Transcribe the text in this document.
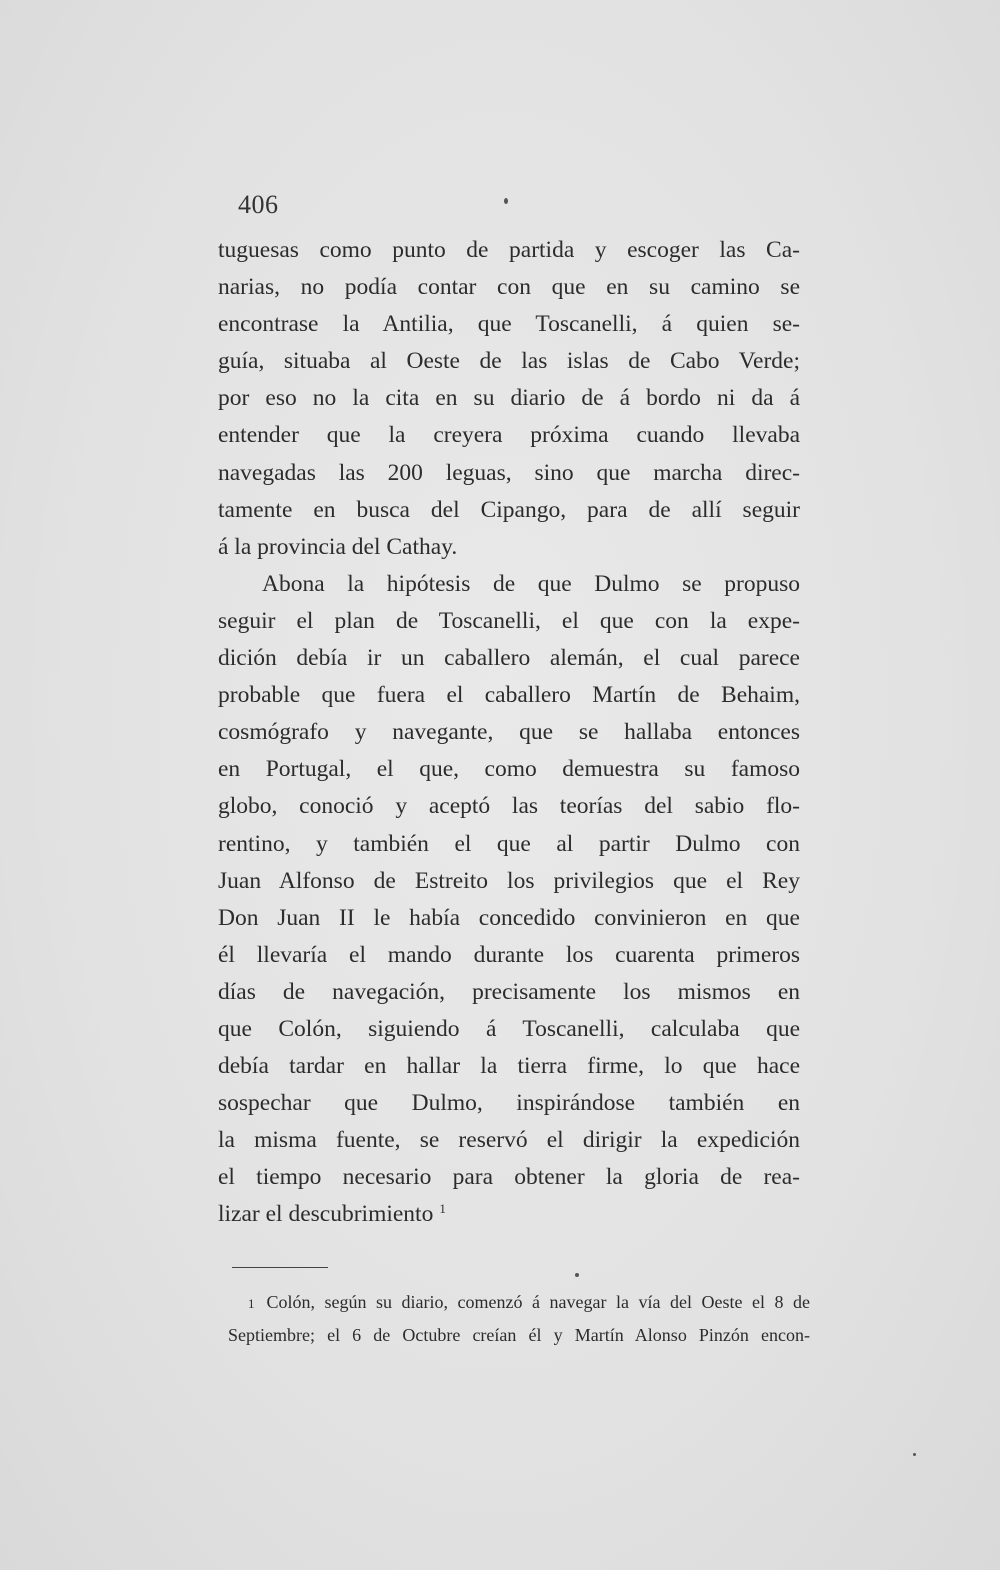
406
tuguesas como punto de partida y escoger las Ca-
narias, no podía contar con que en su camino se
encontrase la Antilia, que Toscanelli, á quien se-
guía, situaba al Oeste de las islas de Cabo Verde;
por eso no la cita en su diario de á bordo ni da á
entender que la creyera próxima cuando llevaba
navegadas las 200 leguas, sino que marcha direc-
tamente en busca del Cipango, para de allí seguir
á la provincia del Cathay.
Abona la hipótesis de que Dulmo se propuso
seguir el plan de Toscanelli, el que con la expe-
dición debía ir un caballero alemán, el cual parece
probable que fuera el caballero Martín de Behaim,
cosmógrafo y navegante, que se hallaba entonces
en Portugal, el que, como demuestra su famoso
globo, conoció y aceptó las teorías del sabio flo-
rentino, y también el que al partir Dulmo con
Juan Alfonso de Estreito los privilegios que el Rey
Don Juan II le había concedido convinieron en que
él llevaría el mando durante los cuarenta primeros
días de navegación, precisamente los mismos en
que Colón, siguiendo á Toscanelli, calculaba que
debía tardar en hallar la tierra firme, lo que hace
sospechar que Dulmo, inspirándose también en
la misma fuente, se reservó el dirigir la expedición
el tiempo necesario para obtener la gloria de rea-
lizar el descubrimiento $^1$
1 Colón, según su diario, comenzó á navegar la vía del Oeste el 8 de
Septiembre; el 6 de Octubre creían él y Martín Alonso Pinzón encon-
